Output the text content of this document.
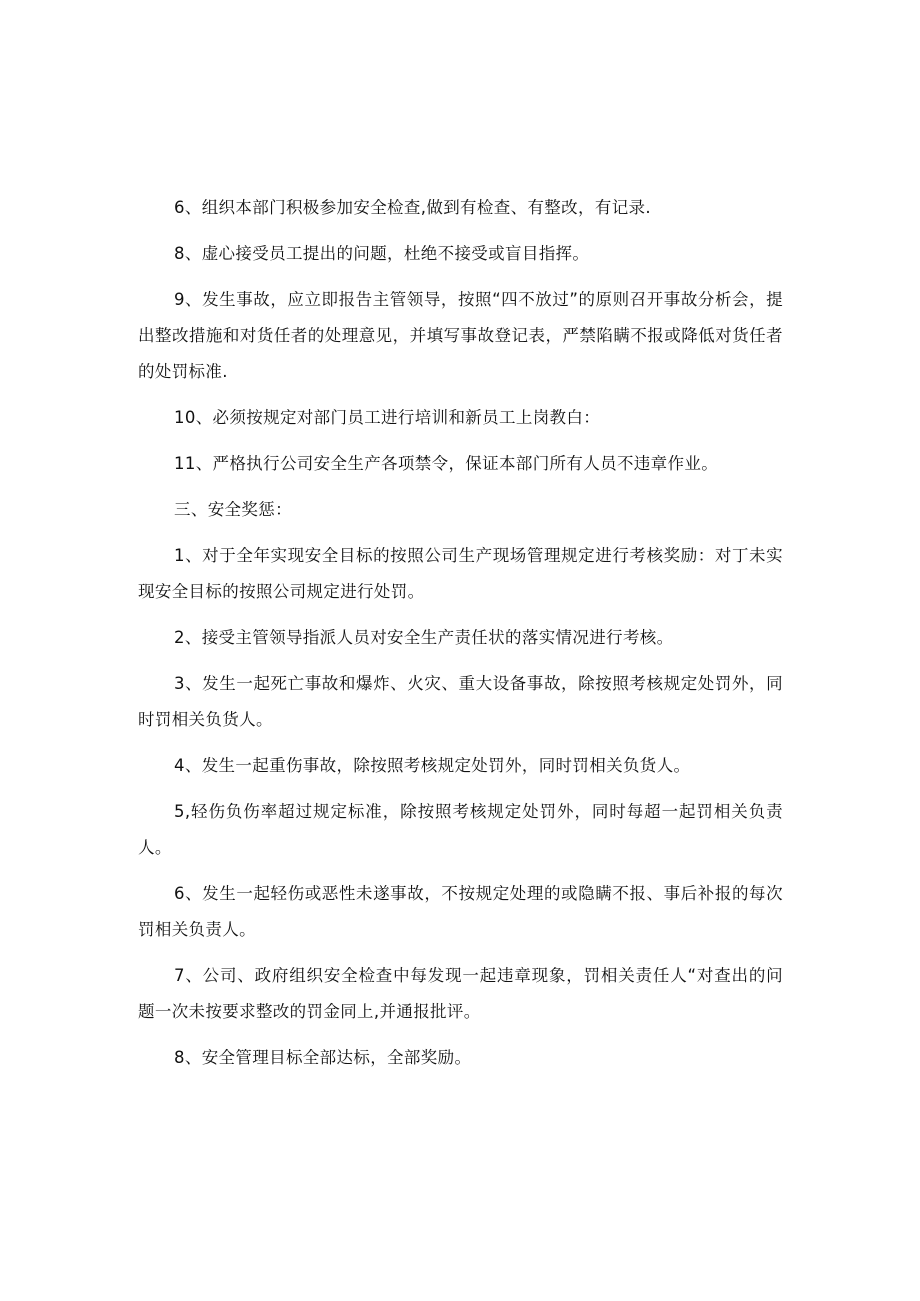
6、组织本部门积极参加安全检查,做到有检查、有整改，有记录.

8、虚心接受员工提出的问题，杜绝不接受或盲目指挥。

9、发生事故，应立即报告主管领导，按照“四不放过”的原则召开事故分析会，提出整改措施和对货任者的处理意见，并填写事故登记表，严禁陷瞒不报或降低对货任者的处罚标准.

10、必须按规定对部门员工进行培训和新员工上岗教白：

11、严格执行公司安全生产各项禁令，保证本部门所有人员不违章作业。

三、安全奖惩：

1、对于全年实现安全目标的按照公司生产现场管理规定进行考核奖励：对丁未实现安全目标的按照公司规定进行处罚。

2、接受主管领导指派人员对安全生产责任状的落实情况进行考核。

3、发生一起死亡事故和爆炸、火灾、重大设备事故，除按照考核规定处罚外，同时罚相关负货人。

4、发生一起重伤事故，除按照考核规定处罚外，同时罚相关负货人。

5,轻伤负伤率超过规定标准，除按照考核规定处罚外，同时每超一起罚相关负责人。

6、发生一起轻伤或恶性未遂事故，不按规定处理的或隐瞒不报、事后补报的每次罚相关负责人。

7、公司、政府组织安全检查中每发现一起违章现象，罚相关责任人“对查出的问题一次未按要求整改的罚金同上,并通报批评。

8、安全管理目标全部达标，全部奖励。
